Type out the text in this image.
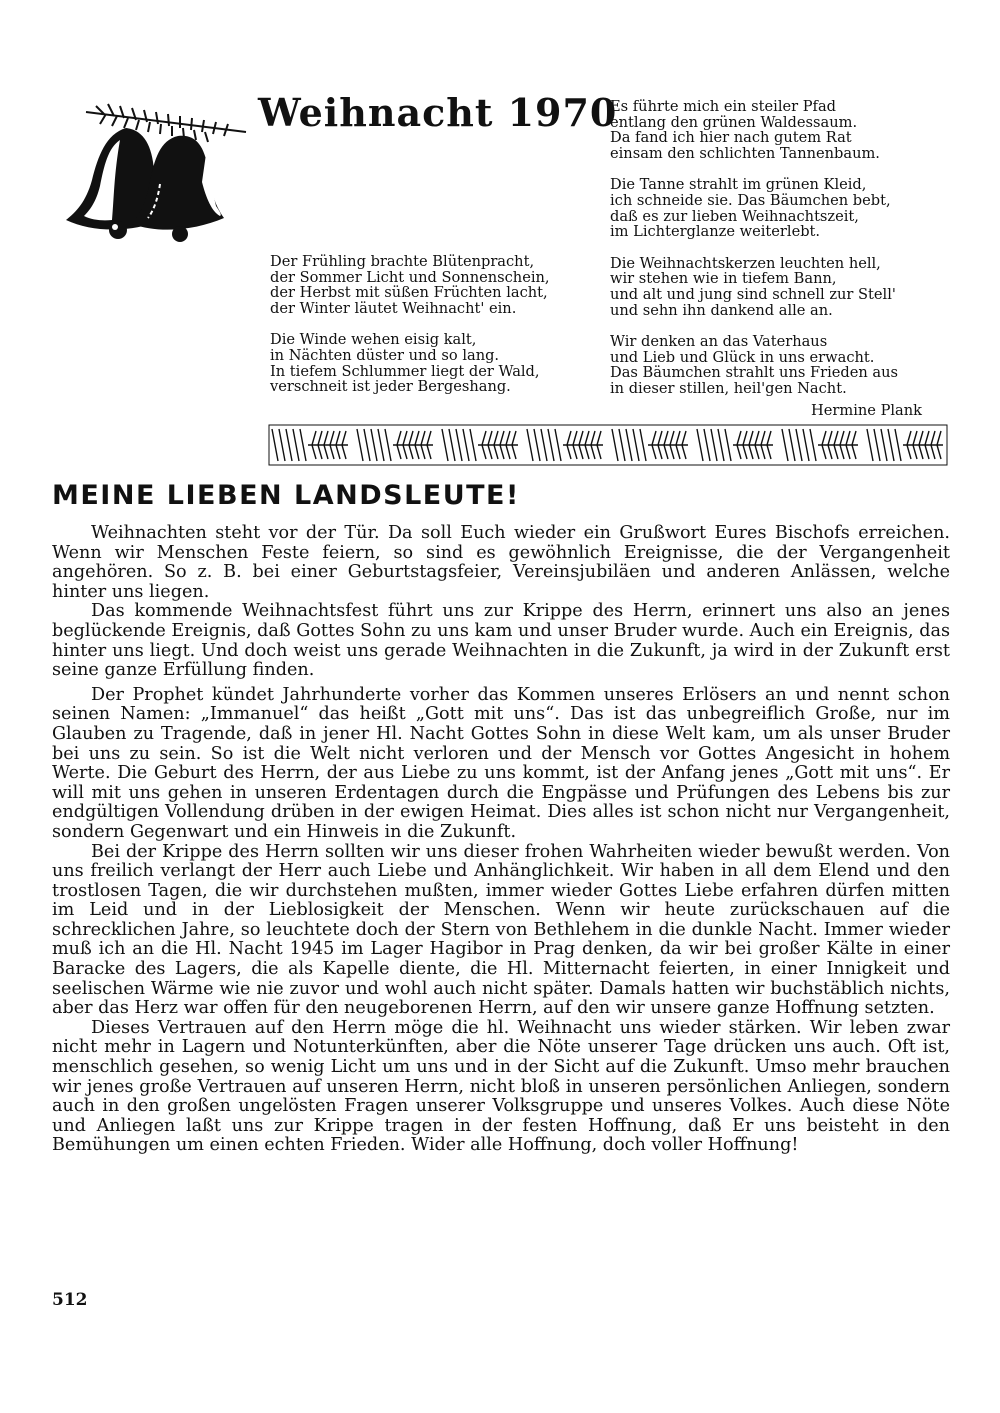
Weihnacht 1970
Es führte mich ein steiler Pfad
entlang den grünen Waldessaum.
Da fand ich hier nach gutem Rat
einsam den schlichten Tannenbaum.
Die Tanne strahlt im grünen Kleid,
ich schneide sie. Das Bäumchen bebt,
daß es zur lieben Weihnachtszeit,
im Lichterglanze weiterlebt.
Die Weihnachtskerzen leuchten hell,
wir stehen wie in tiefem Bann,
und alt und jung sind schnell zur Stell'
und sehn ihn dankend alle an.
Wir denken an das Vaterhaus
und Lieb und Glück in uns erwacht.
Das Bäumchen strahlt uns Frieden aus
in dieser stillen, heil'gen Nacht.
Hermine Plank
Der Frühling brachte Blütenpracht,
der Sommer Licht und Sonnenschein,
der Herbst mit süßen Früchten lacht,
der Winter läutet Weihnacht' ein.
Die Winde wehen eisig kalt,
in Nächten düster und so lang.
In tiefem Schlummer liegt der Wald,
verschneit ist jeder Bergeshang.
MEINE LIEBEN LANDSLEUTE!

Weihnachten steht vor der Tür. Da soll Euch wieder ein Grußwort Eures Bischofs erreichen. Wenn wir Menschen Feste feiern, so sind es gewöhnlich Ereignisse, die der Vergangenheit angehören. So z. B. bei einer Geburtstagsfeier, Vereinsjubiläen und anderen Anlässen, welche hinter uns liegen.

Das kommende Weihnachtsfest führt uns zur Krippe des Herrn, erinnert uns also an jenes beglückende Ereignis, daß Gottes Sohn zu uns kam und unser Bruder wurde. Auch ein Ereignis, das hinter uns liegt. Und doch weist uns gerade Weihnachten in die Zukunft, ja wird in der Zukunft erst seine ganze Erfüllung finden.

Der Prophet kündet Jahrhunderte vorher das Kommen unseres Erlösers an und nennt schon seinen Namen: „Immanuel“ das heißt „Gott mit uns“. Das ist das unbegreiflich Große, nur im Glauben zu Tragende, daß in jener Hl. Nacht Gottes Sohn in diese Welt kam, um als unser Bruder bei uns zu sein. So ist die Welt nicht verloren und der Mensch vor Gottes Angesicht in hohem Werte. Die Geburt des Herrn, der aus Liebe zu uns kommt, ist der Anfang jenes „Gott mit uns“. Er will mit uns gehen in unseren Erdentagen durch die Engpässe und Prüfungen des Lebens bis zur endgültigen Vollendung drüben in der ewigen Heimat. Dies alles ist schon nicht nur Vergangenheit, sondern Gegenwart und ein Hinweis in die Zukunft.

Bei der Krippe des Herrn sollten wir uns dieser frohen Wahrheiten wieder bewußt werden. Von uns freilich verlangt der Herr auch Liebe und Anhänglichkeit. Wir haben in all dem Elend und den trostlosen Tagen, die wir durchstehen mußten, immer wieder Gottes Liebe erfahren dürfen mitten im Leid und in der Lieblosigkeit der Menschen. Wenn wir heute zurückschauen auf die schrecklichen Jahre, so leuchtete doch der Stern von Bethlehem in die dunkle Nacht. Immer wieder muß ich an die Hl. Nacht 1945 im Lager Hagibor in Prag denken, da wir bei großer Kälte in einer Baracke des Lagers, die als Kapelle diente, die Hl. Mitternacht feierten, in einer Innigkeit und seelischen Wärme wie nie zuvor und wohl auch nicht später. Damals hatten wir buchstäblich nichts, aber das Herz war offen für den neugeborenen Herrn, auf den wir unsere ganze Hoffnung setzten.

Dieses Vertrauen auf den Herrn möge die hl. Weihnacht uns wieder stärken. Wir leben zwar nicht mehr in Lagern und Notunterkünften, aber die Nöte unserer Tage drücken uns auch. Oft ist, menschlich gesehen, so wenig Licht um uns und in der Sicht auf die Zukunft. Umso mehr brauchen wir jenes große Vertrauen auf unseren Herrn, nicht bloß in unseren persönlichen Anliegen, sondern auch in den großen ungelösten Fragen unserer Volksgruppe und unseres Volkes. Auch diese Nöte und Anliegen laßt uns zur Krippe tragen in der festen Hoffnung, daß Er uns beisteht in den Bemühungen um einen echten Frieden. Wider alle Hoffnung, doch voller Hoffnung!

512
